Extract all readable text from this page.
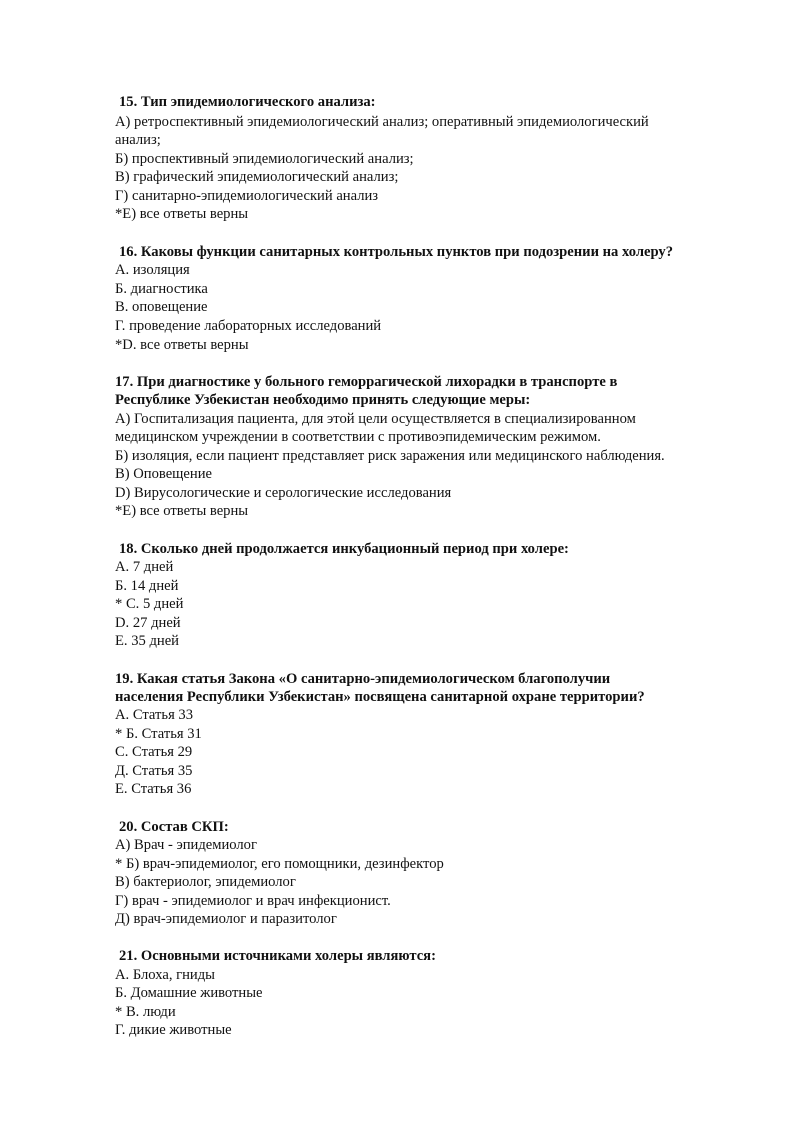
15. Тип эпидемиологического анализа:
А) ретроспективный эпидемиологический анализ; оперативный эпидемиологический
анализ;
Б) проспективный эпидемиологический анализ;
В) графический эпидемиологический анализ;
Г) санитарно-эпидемиологический анализ
*Е) все ответы верны
16. Каковы функции санитарных контрольных пунктов при подозрении на холеру?
А. изоляция
Б. диагностика
В. оповещение
Г. проведение лабораторных исследований
*D. все ответы верны
17. При диагностике у больного геморрагической лихорадки в транспорте в
Республике Узбекистан необходимо принять следующие меры:
А) Госпитализация пациента, для этой цели осуществляется в специализированном
медицинском учреждении в соответствии с противоэпидемическим режимом.
Б) изоляция, если пациент представляет риск заражения или медицинского наблюдения.
В) Оповещение
D) Вирусологические и серологические исследования
*Е) все ответы верны
18. Сколько дней продолжается инкубационный период при холере:
А. 7 дней
Б. 14 дней
* С. 5 дней
D. 27 дней
Е. 35 дней
19. Какая статья Закона «О санитарно-эпидемиологическом благополучии
населения Республики Узбекистан» посвящена санитарной охране территории?
А. Статья 33
* Б. Статья 31
С. Статья 29
Д. Статья 35
Е. Статья 36
20. Состав СКП:
А) Врач - эпидемиолог
* Б) врач-эпидемиолог, его помощники, дезинфектор
В) бактериолог, эпидемиолог
Г) врач - эпидемиолог и врач инфекционист.
Д) врач-эпидемиолог и паразитолог
21. Основными источниками холеры являются:
А. Блоха, гниды
Б. Домашние животные
* В. люди
Г. дикие животные
